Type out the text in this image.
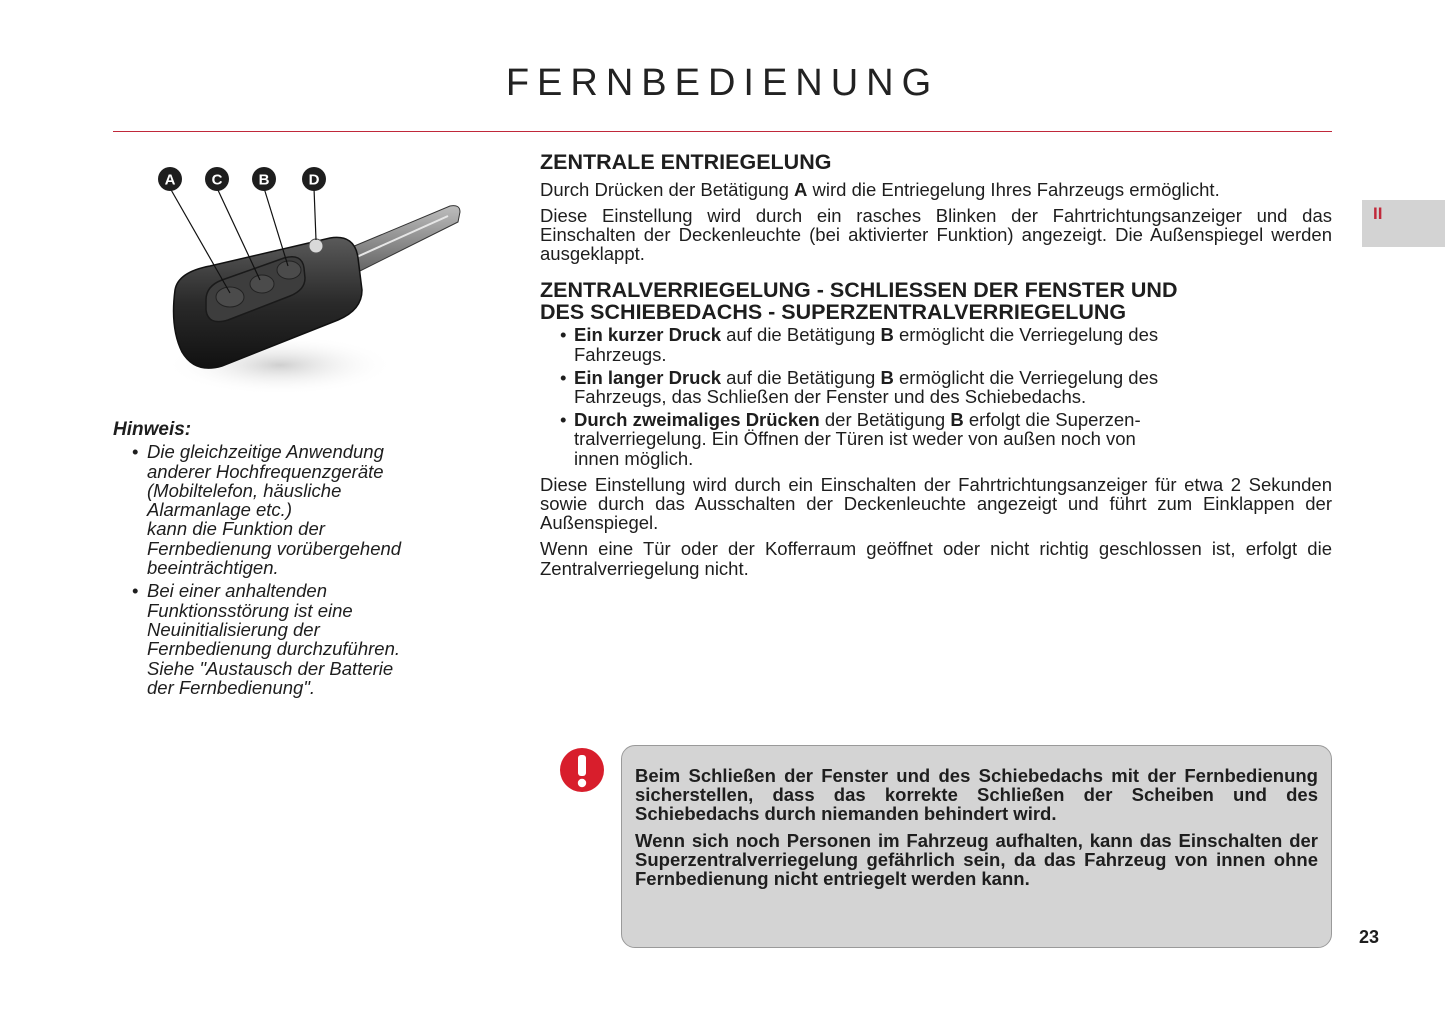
FERNBEDIENUNG
II
A C B	D

Hinweis:

• Die gleichzeitige Anwendung
anderer Hochfrequenzgeräte
(Mobiltelefon, häusliche
Alarmanlage etc.)
kann die Funktion der
Fernbedienung vorübergehend
beeinträchtigen.
• Bei einer anhaltenden
Funktionsstörung ist eine
Neuinitialisierung der
Fernbedienung durchzuführen.
Siehe "Austausch der Batterie
der Fernbedienung".
ZENTRALE ENTRIEGELUNG

Durch Drücken der Betätigung A wird die Entriegelung Ihres Fahrzeugs ermöglicht.

Diese Einstellung wird durch ein rasches Blinken der Fahrtrichtungsanzeiger und das Einschalten der Deckenleuchte (bei aktivierter Funktion) angezeigt. Die Außenspiegel werden ausgeklappt.

ZENTRALVERRIEGELUNG - SCHLIESSEN DER FENSTER UND
DES SCHIEBEDACHS - SUPERZENTRALVERRIEGELUNG
• Ein kurzer Druck auf die Betätigung B ermöglicht die Verriegelung des
Fahrzeugs.
• Ein langer Druck auf die Betätigung B ermöglicht die Verriegelung des
Fahrzeugs, das Schließen der Fenster und des Schiebedachs.
• Durch zweimaliges Drücken der Betätigung B erfolgt die Superzen-
tralverriegelung. Ein Öffnen der Türen ist weder von außen noch von
innen möglich.

Diese Einstellung wird durch ein Einschalten der Fahrtrichtungsanzeiger für etwa 2 Sekunden sowie durch das Ausschalten der Deckenleuchte angezeigt und führt zum Einklappen der Außenspiegel.

Wenn eine Tür oder der Kofferraum geöffnet oder nicht richtig geschlossen ist, erfolgt die Zentralverriegelung nicht.

Beim Schließen der Fenster und des Schiebedachs mit der Fernbedienung sicherstellen, dass das korrekte Schließen der Scheiben und des Schiebedachs durch niemanden behindert wird.

Wenn sich noch Personen im Fahrzeug aufhalten, kann das Einschalten der Superzentralverriegelung gefährlich sein, da das Fahrzeug von innen ohne Fernbedienung nicht entriegelt werden kann.

23
